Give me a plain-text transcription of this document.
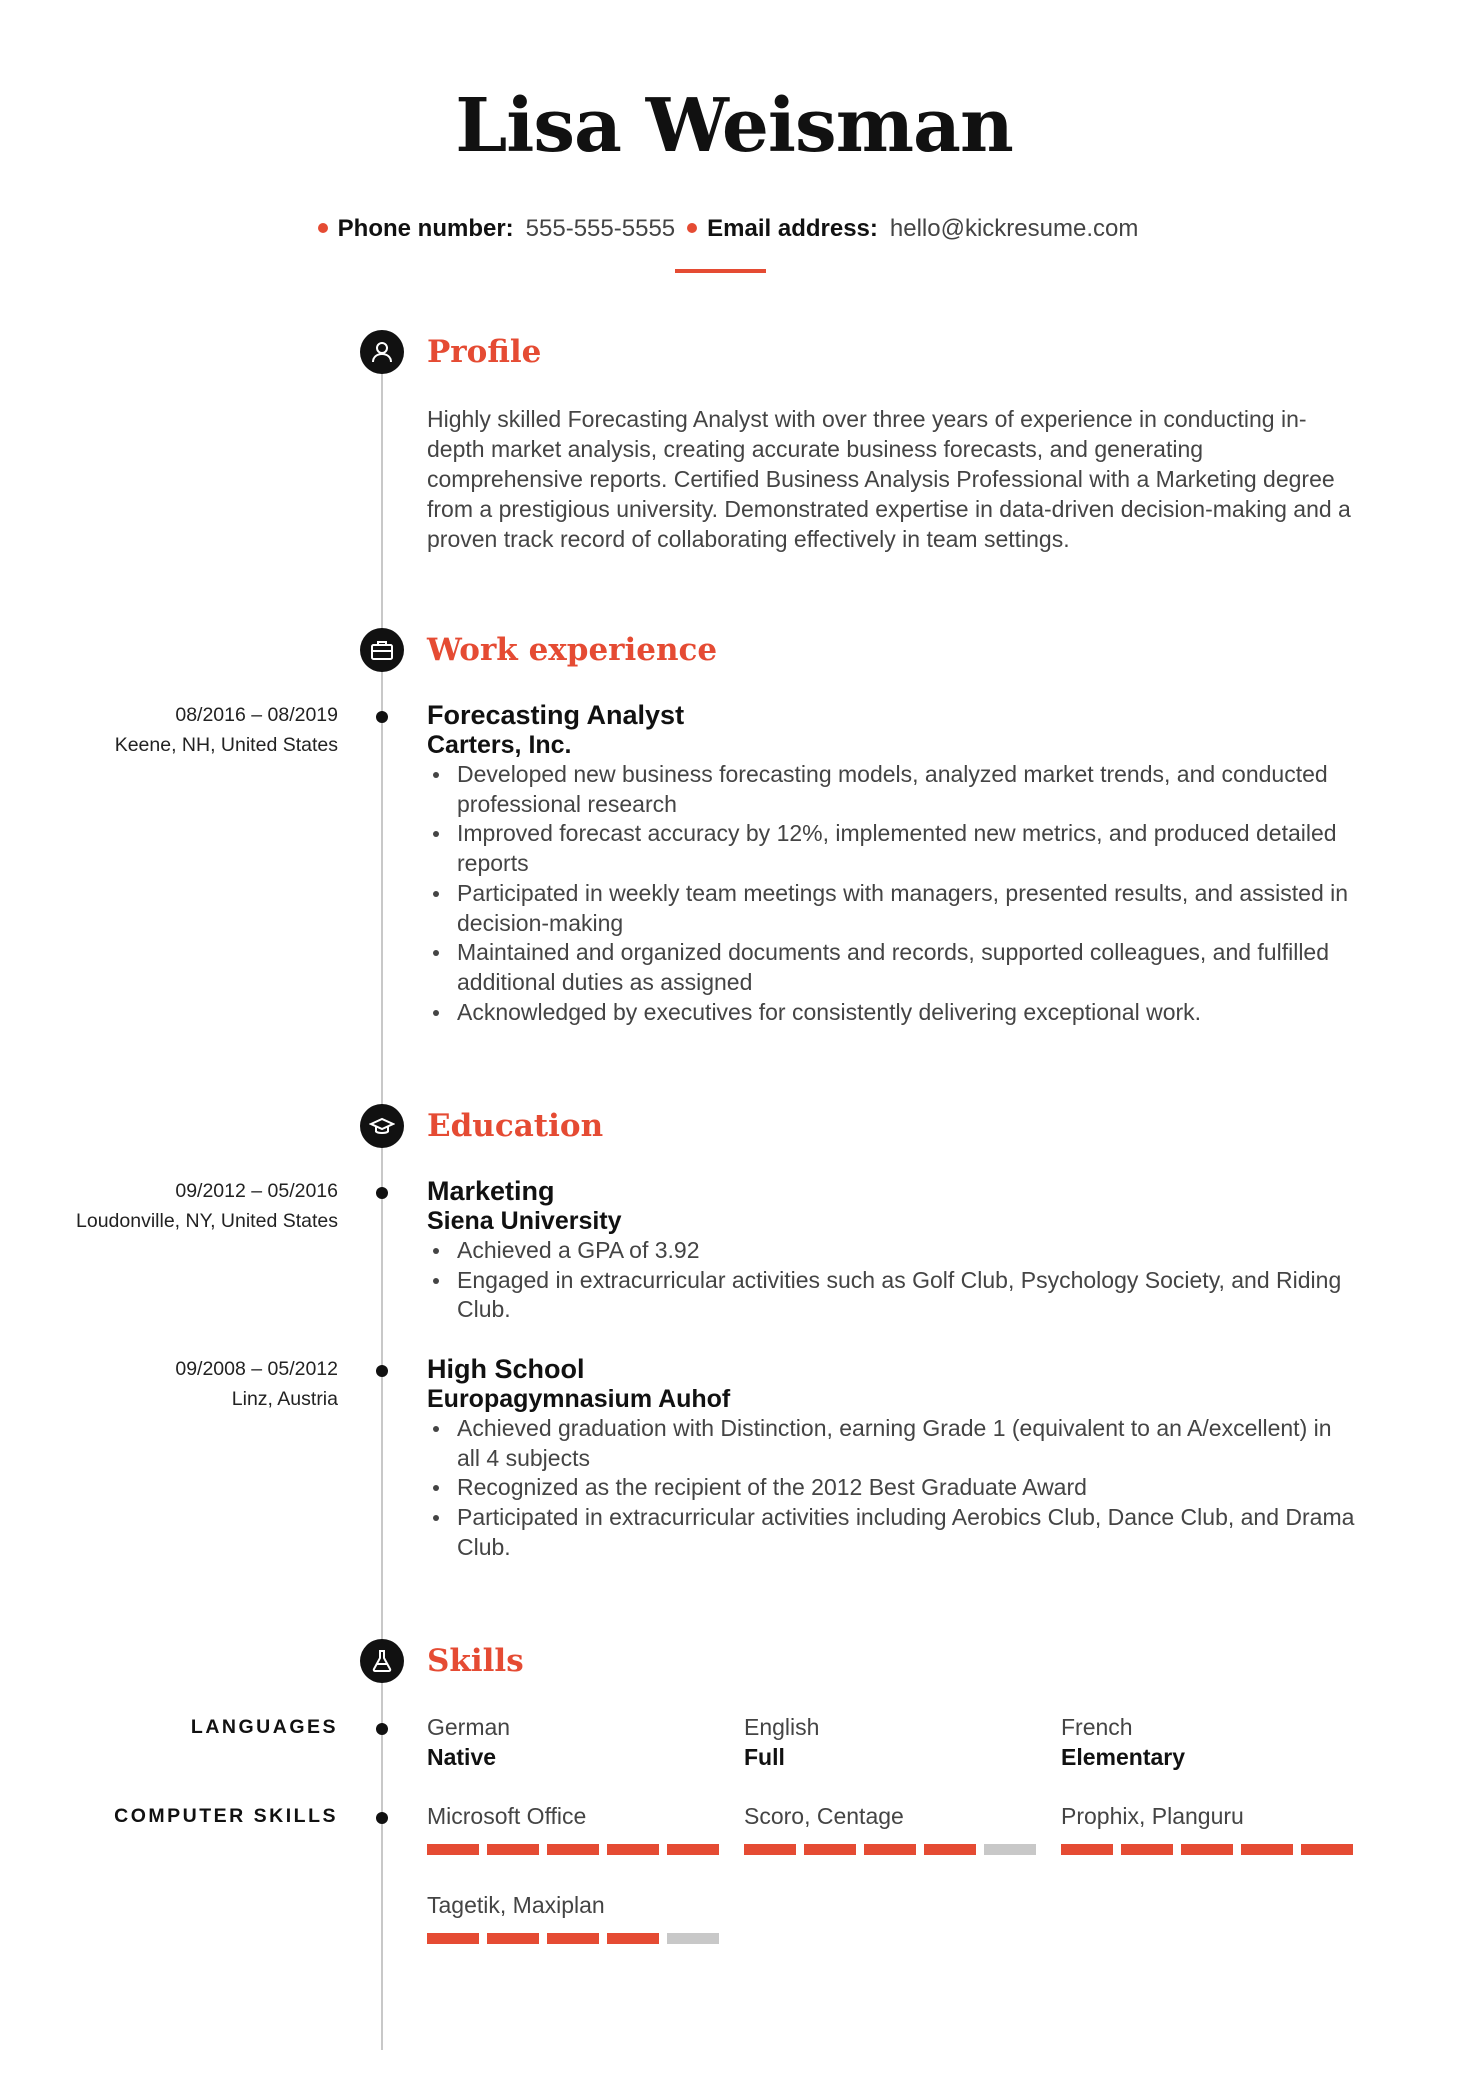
Lisa Weisman
Phone number: 555-555-5555 Email address: hello@kickresume.com
Profile

Highly skilled Forecasting Analyst with over three years of experience in conducting in-depth market analysis, creating accurate business forecasts, and generating comprehensive reports. Certified Business Analysis Professional with a Marketing degree from a prestigious university. Demonstrated expertise in data-driven decision-making and a proven track record of collaborating effectively in team settings.

Work experience
08/2016 – 08/2019
Keene, NH, United States
Forecasting Analyst
Carters, Inc.
Developed new business forecasting models, analyzed market trends, and conducted professional research
Improved forecast accuracy by 12%, implemented new metrics, and produced detailed reports
Participated in weekly team meetings with managers, presented results, and assisted in decision-making
Maintained and organized documents and records, supported colleagues, and fulfilled additional duties as assigned
Acknowledged by executives for consistently delivering exceptional work.
Education
09/2012 – 05/2016
Loudonville, NY, United States
Marketing
Siena University
Achieved a GPA of 3.92
Engaged in extracurricular activities such as Golf Club, Psychology Society, and Riding Club.
09/2008 – 05/2012
Linz, Austria
High School
Europagymnasium Auhof
Achieved graduation with Distinction, earning Grade 1 (equivalent to an A/excellent) in all 4 subjects
Recognized as the recipient of the 2012 Best Graduate Award
Participated in extracurricular activities including Aerobics Club, Dance Club, and Drama Club.
Skills
LANGUAGES	German
Native
English
Full
French
Elementary
COMPUTER SKILLS	Microsoft Office	Scoro, Centage	Prophix, Planguru
Tagetik, Maxiplan
